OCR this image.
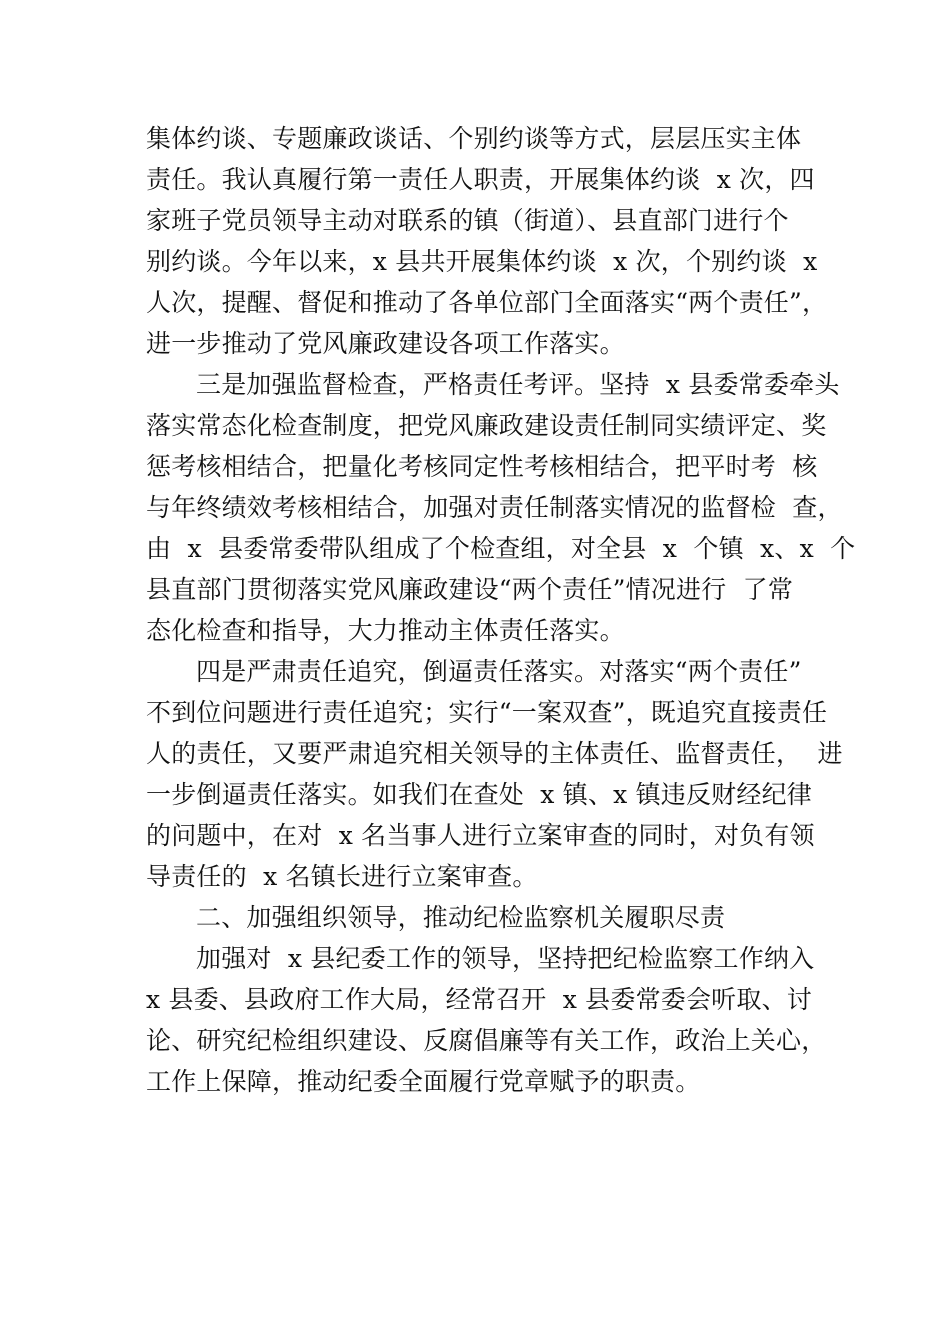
集体约谈、专题廉政谈话、个别约谈等方式，层层压实主体
责任。我认真履行第一责任人职责，开展集体约谈  x 次，四
家班子党员领导主动对联系的镇（街道）、县直部门进行个
别约谈。今年以来，x 县共开展集体约谈  x 次，个别约谈  x
人次，提醒、督促和推动了各单位部门全面落实“两个责任”，
进一步推动了党风廉政建设各项工作落实。
三是加强监督检查，严格责任考评。坚持  x 县委常委牵头
落实常态化检查制度，把党风廉政建设责任制同实绩评定、奖
惩考核相结合，把量化考核同定性考核相结合，把平时考  核
与年终绩效考核相结合，加强对责任制落实情况的监督检  查，
由  x  县委常委带队组成了个检查组，对全县  x  个镇  x、x  个
县直部门贯彻落实党风廉政建设“两个责任”情况进行  了常
态化检查和指导，大力推动主体责任落实。
四是严肃责任追究，倒逼责任落实。对落实“两个责任”
不到位问题进行责任追究；实行“一案双查”，既追究直接责任
人的责任，又要严肃追究相关领导的主体责任、监督责任，  进
一步倒逼责任落实。如我们在查处  x 镇、x 镇违反财经纪律
的问题中，在对  x 名当事人进行立案审查的同时，对负有领
导责任的  x 名镇长进行立案审查。
二、加强组织领导，推动纪检监察机关履职尽责
加强对  x 县纪委工作的领导，坚持把纪检监察工作纳入
x 县委、县政府工作大局，经常召开  x 县委常委会听取、讨
论、研究纪检组织建设、反腐倡廉等有关工作，政治上关心，
工作上保障，推动纪委全面履行党章赋予的职责。
